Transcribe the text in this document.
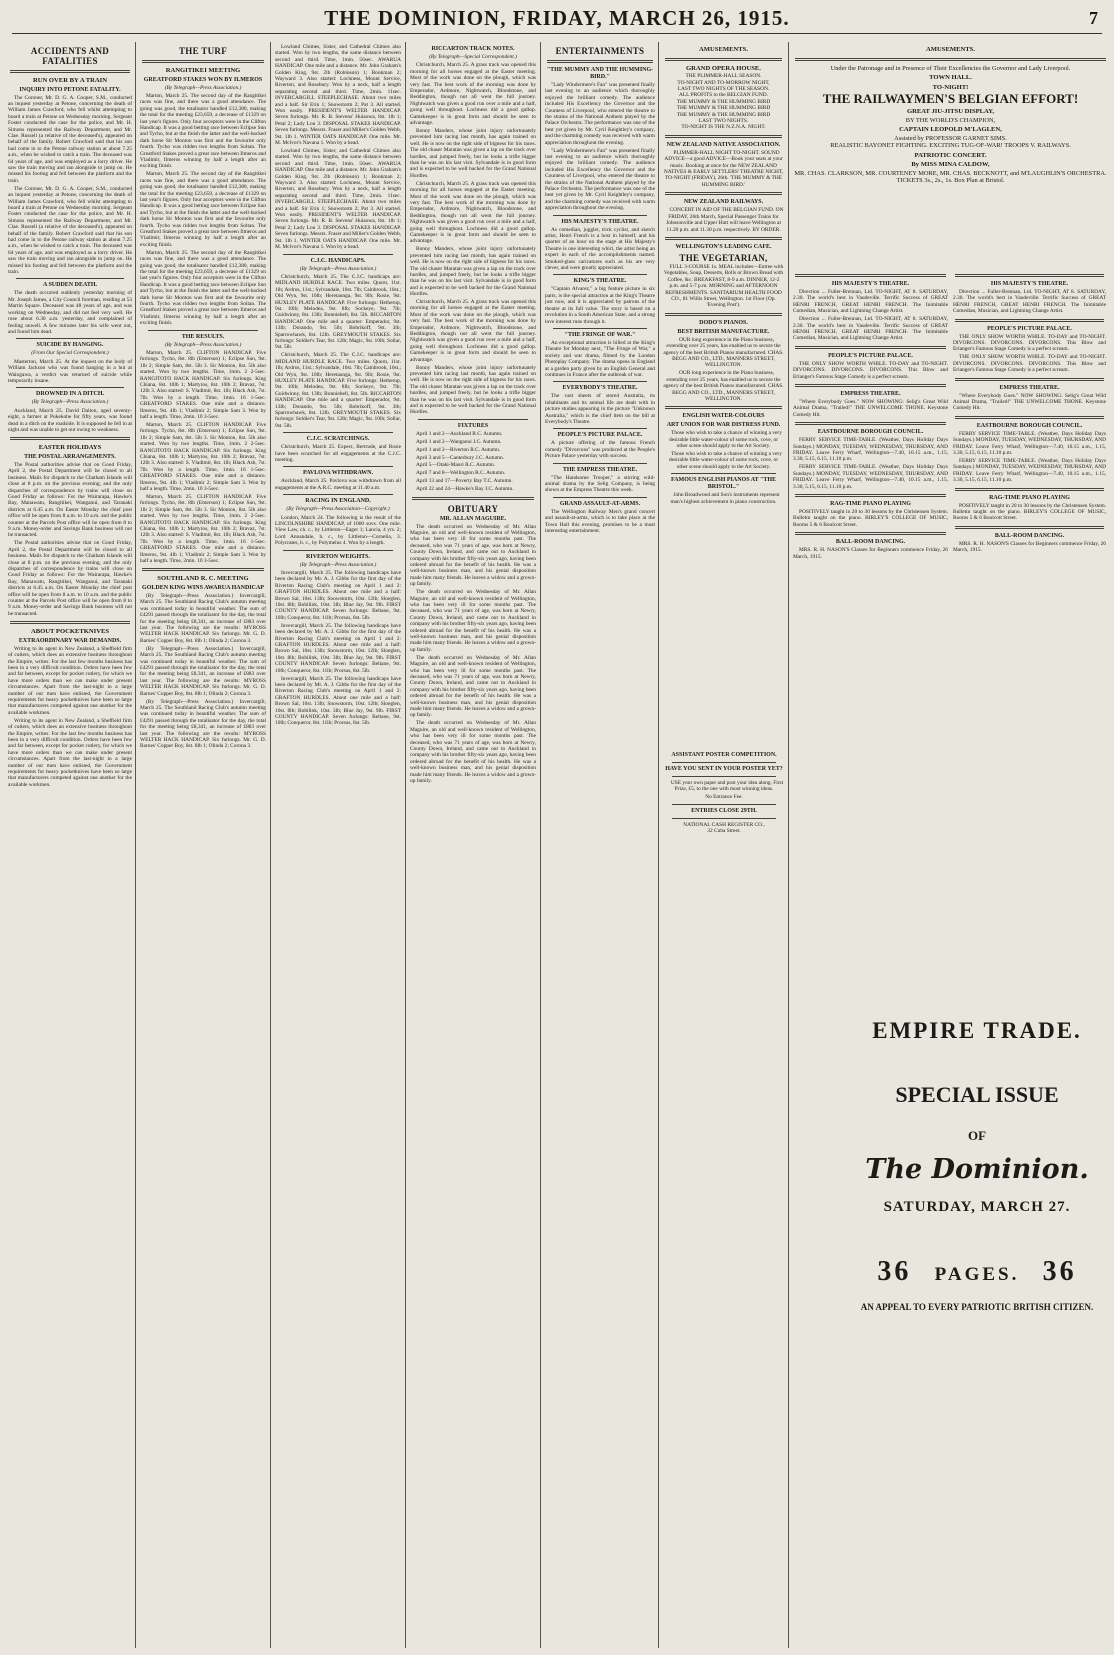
THE DOMINION, FRIDAY, MARCH 26, 1915.	7
ACCIDENTS AND FATALITIES
RUN OVER BY A TRAIN
INQUIRY INTO PETONE FATALITY.

The Coroner, Mr. D. G. A. Cooper, S.M., conducted an inquest yesterday at Petone, concerning the death of William James Crawford, who fell whilst attempting to board a train at Petone on Wednesday morning. Sergeant Foster conducted the case for the police, and Mr. H. Simons represented the Railway Department, and Mr. Clae. Russell (a relative of the deceased's), appeared on behalf of the family. Robert Crawford said that his son had come in to the Petone railway station at about 7.25 a.m., when he wished to catch a train. The deceased was 64 years of age, and was employed as a lorry driver. He saw the train moving and ran alongside to jump on. He missed his footing and fell between the platform and the train.

The Coroner, Mr. D. G. A. Cooper, S.M., conducted an inquest yesterday at Petone, concerning the death of William James Crawford, who fell whilst attempting to board a train at Petone on Wednesday morning. Sergeant Foster conducted the case for the police, and Mr. H. Simons represented the Railway Department, and Mr. Clae. Russell (a relative of the deceased's), appeared on behalf of the family. Robert Crawford said that his son had come in to the Petone railway station at about 7.25 a.m., when he wished to catch a train. The deceased was 64 years of age, and was employed as a lorry driver. He saw the train moving and ran alongside to jump on. He missed his footing and fell between the platform and the train.

A SUDDEN DEATH.

The death occurred suddenly yesterday morning of Mr. Joseph James, a City Council foreman, residing at 53 Martin Square. Deceased was 48 years of age, and was working on Wednesday, and did not feel very well. He rose about 6.30 a.m. yesterday, and complained of feeling unwell. A few minutes later his wife went out, and found him dead.

SUICIDE BY HANGING.
(From Our Special Correspondent.)

Masterton, March 25. At the inquest on the body of William Jackson who was found hanging in a hut at Waingawa, a verdict was returned of suicide while temporarily insane.

DROWNED IN A DITCH.
(By Telegraph—Press Association.)

Auckland, March 25. David Dalton, aged seventy-eight, a farmer at Pukekohe for fifty years, was found dead in a ditch on the roadside. It is supposed he fell in at night and was unable to get out owing to weakness.

EASTER HOLIDAYS
THE POSTAL ARRANGEMENTS.

The Postal authorities advise that on Good Friday, April 2, the Postal Department will be closed to all business. Mails for dispatch to the Chatham Islands will close at 8 p.m. on the previous evening, and the only dispatches of correspondence by trains will close on Good Friday as follows: For the Wairarapa, Hawke's Bay, Manawatu, Rangitikei, Wanganui, and Taranaki districts at 6.45 a.m. On Easter Monday the chief post office will be open from 8 a.m. to 10 a.m. and the public counter at the Parcels Post office will be open from 8 to 9 a.m. Money-order and Savings Bank business will not be transacted.

The Postal authorities advise that on Good Friday, April 2, the Postal Department will be closed to all business. Mails for dispatch to the Chatham Islands will close at 8 p.m. on the previous evening, and the only dispatches of correspondence by trains will close on Good Friday as follows: For the Wairarapa, Hawke's Bay, Manawatu, Rangitikei, Wanganui, and Taranaki districts at 6.45 a.m. On Easter Monday the chief post office will be open from 8 a.m. to 10 a.m. and the public counter at the Parcels Post office will be open from 8 to 9 a.m. Money-order and Savings Bank business will not be transacted.

ABOUT POCKETKNIVES
EXTRAORDINARY WAR DEMANDS.

Writing to its agent in New Zealand, a Sheffield firm of cutlers, which does an extensive business throughout the Empire, writes: For the last few months business has been in a very difficult condition. Orders have been few and far between, except for pocket cutlery, for which we have more orders than we can make under present circumstances. Apart from the last-night in a large number of our men have enlisted, the Government requirements for heavy pocketknives have been so large that manufacturers competed against one another for the available workmen.

Writing to its agent in New Zealand, a Sheffield firm of cutlers, which does an extensive business throughout the Empire, writes: For the last few months business has been in a very difficult condition. Orders have been few and far between, except for pocket cutlery, for which we have more orders than we can make under present circumstances. Apart from the last-night in a large number of our men have enlisted, the Government requirements for heavy pocketknives have been so large that manufacturers competed against one another for the available workmen.

THE TURF
RANGITIKEI MEETING
GREATFORD STAKES WON BY ILMEROS
(By Telegraph—Press Association.)

Marton, March 25. The second day of the Rangitikei races was fine, and there was a good attendance. The going was good, the totalisator handled £12,380, making the total for the meeting £23,659, a decrease of £1329 on last year's figures. Only four acceptors were in the Clifton Handicap. It was a good betting race between Eclipse Sun and Tycho, but at the finish the latter and the well-backed dark horse Sir Monton was first and the favourite only fourth. Tycho was ridden two lengths from Soltan. The Greatford Stakes proved a great race between Ilmeros and Vladimir, Ilmeros winning by half a length after an exciting finish.

Marton, March 25. The second day of the Rangitikei races was fine, and there was a good attendance. The going was good, the totalisator handled £12,380, making the total for the meeting £23,659, a decrease of £1329 on last year's figures. Only four acceptors were in the Clifton Handicap. It was a good betting race between Eclipse Sun and Tycho, but at the finish the latter and the well-backed dark horse Sir Monton was first and the favourite only fourth. Tycho was ridden two lengths from Soltan. The Greatford Stakes proved a great race between Ilmeros and Vladimir, Ilmeros winning by half a length after an exciting finish.

Marton, March 25. The second day of the Rangitikei races was fine, and there was a good attendance. The going was good, the totalisator handled £12,380, making the total for the meeting £23,659, a decrease of £1329 on last year's figures. Only four acceptors were in the Clifton Handicap. It was a good betting race between Eclipse Sun and Tycho, but at the finish the latter and the well-backed dark horse Sir Monton was first and the favourite only fourth. Tycho was ridden two lengths from Soltan. The Greatford Stakes proved a great race between Ilmeros and Vladimir, Ilmeros winning by half a length after an exciting finish.

THE RESULTS.
(By Telegraph—Press Association.)

Marton, March 25. CLIFTON HANDICAP. Five furlongs. Tycho, 8st. 8lb (Emerson) 1; Eclipse Sun, 9st. 1lb 2; Simple Sam, 8st. 5lb 3. Sir Monton, 8st. 5lb also started. Won by two lengths. Time, 1min. 2 2-5sec. RANGITOTO HACK HANDICAP. Six furlongs. King Chiana, 8st. 10lb 1; Martyros, 8st. 10lb 2; Bravaz, 7st. 12lb 3. Also started: S. Vladimir, 8st. 1lb; Black Ash, 7st. 7lb. Won by a length. Time, 1min. 16 1-5sec. GREATFORD STAKES. One mile and a distance. Ilmeros, 9st. 4lb 1; Vladimir 2; Simple Sam 3. Won by half a length. Time, 2min. 10 3-5sec.

Marton, March 25. CLIFTON HANDICAP. Five furlongs. Tycho, 8st. 8lb (Emerson) 1; Eclipse Sun, 9st. 1lb 2; Simple Sam, 8st. 5lb 3. Sir Monton, 8st. 5lb also started. Won by two lengths. Time, 1min. 2 2-5sec. RANGITOTO HACK HANDICAP. Six furlongs. King Chiana, 8st. 10lb 1; Martyros, 8st. 10lb 2; Bravaz, 7st. 12lb 3. Also started: S. Vladimir, 8st. 1lb; Black Ash, 7st. 7lb. Won by a length. Time, 1min. 16 1-5sec. GREATFORD STAKES. One mile and a distance. Ilmeros, 9st. 4lb 1; Vladimir 2; Simple Sam 3. Won by half a length. Time, 2min. 10 3-5sec.

Marton, March 25. CLIFTON HANDICAP. Five furlongs. Tycho, 8st. 8lb (Emerson) 1; Eclipse Sun, 9st. 1lb 2; Simple Sam, 8st. 5lb 3. Sir Monton, 8st. 5lb also started. Won by two lengths. Time, 1min. 2 2-5sec. RANGITOTO HACK HANDICAP. Six furlongs. King Chiana, 8st. 10lb 1; Martyros, 8st. 10lb 2; Bravaz, 7st. 12lb 3. Also started: S. Vladimir, 8st. 1lb; Black Ash, 7st. 7lb. Won by a length. Time, 1min. 16 1-5sec. GREATFORD STAKES. One mile and a distance. Ilmeros, 9st. 4lb 1; Vladimir 2; Simple Sam 3. Won by half a length. Time, 2min. 10 3-5sec.

SOUTHLAND R. C. MEETING
GOLDEN KING WINS AWARUA HANDICAP

(By Telegraph—Press Association.) Invercargill, March 25. The Southland Racing Club's autumn meeting was continued today in beautiful weather. The sum of £4291 passed through the totalisator for the day, the total for the meeting being £8,341, an increase of £883 over last year. The following are the results: MYROSS WELTER HACK HANDICAP. Six furlongs. Mr. G. D. Barnes' Copper Boy, 8st. 8lb 1; Olinda 2; Corona 3.

(By Telegraph—Press Association.) Invercargill, March 25. The Southland Racing Club's autumn meeting was continued today in beautiful weather. The sum of £4291 passed through the totalisator for the day, the total for the meeting being £8,341, an increase of £883 over last year. The following are the results: MYROSS WELTER HACK HANDICAP. Six furlongs. Mr. G. D. Barnes' Copper Boy, 8st. 8lb 1; Olinda 2; Corona 3.

(By Telegraph—Press Association.) Invercargill, March 25. The Southland Racing Club's autumn meeting was continued today in beautiful weather. The sum of £4291 passed through the totalisator for the day, the total for the meeting being £8,341, an increase of £883 over last year. The following are the results: MYROSS WELTER HACK HANDICAP. Six furlongs. Mr. G. D. Barnes' Copper Boy, 8st. 8lb 1; Olinda 2; Corona 3.

Lowland Chimes, Sister, and Cathedral Chimes also started. Won by two lengths, the same distance between second and third. Time, 1min. 56sec. AWARUA HANDICAP. One mile and a distance. Mr. John Graham's Golden King, 9st. 2lb (Robinson) 1; Bookman 2; Wayward 3. Also started: Lochness, Mount Service, Riverton, and Rosebury. Won by a neck, half a length separating second and third. Time, 2min. 11sec. INVERCARGILL STEEPLECHASE. About two miles and a half. Sir Erin 1; Snowstorm 2; Pat 3. All started. Won easily. PRESIDENT'S WELTER HANDICAP. Seven furlongs. Mr. R. B. Stevens' Huiaowa, 8st. 1lb 1; Petal 2; Lady Lou 3. DISPOSAL STAKES HANDICAP. Seven furlongs. Messrs. Fraser and Miller's Golden Webb, 9st. 1lb 1. WINTER OATS HANDICAP. One mile. Mr. M. Mclvor's Navana 1. Won by a head.

Lowland Chimes, Sister, and Cathedral Chimes also started. Won by two lengths, the same distance between second and third. Time, 1min. 56sec. AWARUA HANDICAP. One mile and a distance. Mr. John Graham's Golden King, 9st. 2lb (Robinson) 1; Bookman 2; Wayward 3. Also started: Lochness, Mount Service, Riverton, and Rosebury. Won by a neck, half a length separating second and third. Time, 2min. 11sec. INVERCARGILL STEEPLECHASE. About two miles and a half. Sir Erin 1; Snowstorm 2; Pat 3. All started. Won easily. PRESIDENT'S WELTER HANDICAP. Seven furlongs. Mr. R. B. Stevens' Huiaowa, 8st. 1lb 1; Petal 2; Lady Lou 3. DISPOSAL STAKES HANDICAP. Seven furlongs. Messrs. Fraser and Miller's Golden Webb, 9st. 1lb 1. WINTER OATS HANDICAP. One mile. Mr. M. Mclvor's Navana 1. Won by a head.

C.J.C. HANDICAPS.
(By Telegraph—Press Association.)

Christchurch, March 25. The C.J.C. handicaps are: MIDLAND HURDLE RACE. Two miles. Quorn, 11st. 1lb; Ardros, 11st.; Sylvandale, 10st. 7lb; Cainbrook, 10st.; Old Wyn, 9st. 10lb; Heretaunga, 9st. 9lb; Rosie, 9st. HUXLEY PLATE HANDICAP. Five furlongs: Hetherup, 9st. 10lb; Melodea, 9st. 8lb; Sockeye, 9st. 7lb; Guidwinny, 8st. 13lb; Bonniebell, 8st. 5lb. RICCARTON HANDICAP. One mile and a quarter: Emperador, 9st. 13lb; Dorando, 9st. 5lb; Bobrikoff, 9st. 3lb; Sparrowhawk, 8st. 12lb. GREYMOUTH STAKES. Six furlongs: Soldier's Tear, 9st. 12lb; Magic, 9st. 10lb; Sollar, 9st. 5lb.

Christchurch, March 25. The C.J.C. handicaps are: MIDLAND HURDLE RACE. Two miles. Quorn, 11st. 1lb; Ardros, 11st.; Sylvandale, 10st. 7lb; Cainbrook, 10st.; Old Wyn, 9st. 10lb; Heretaunga, 9st. 9lb; Rosie, 9st. HUXLEY PLATE HANDICAP. Five furlongs: Hetherup, 9st. 10lb; Melodea, 9st. 8lb; Sockeye, 9st. 7lb; Guidwinny, 8st. 13lb; Bonniebell, 8st. 5lb. RICCARTON HANDICAP. One mile and a quarter: Emperador, 9st. 13lb; Dorando, 9st. 5lb; Bobrikoff, 9st. 3lb; Sparrowhawk, 8st. 12lb. GREYMOUTH STAKES. Six furlongs: Soldier's Tear, 9st. 12lb; Magic, 9st. 10lb; Sollar, 9st. 5lb.

C.J.C. SCRATCHINGS.

Christchurch, March 25. Expect, Bertrude, and Rosie have been scratched for all engagements at the C.J.C. meeting.

PAVLOVA WITHDRAWN.

Auckland, March 25. Pavlova was withdrawn from all engagements at the A.R.C. meeting at 11.40 a.m.

RACING IN ENGLAND.
(By Telegraph—Press Association—Copyright.)

London, March 24. The following is the result of the LINCOLNSHIRE HANDICAP, of 1000 sovs. One mile. View Law, ch. c., by Littleton—Eager 1; Lancia, 4 yrs. 2; Lord Annandale, b. c., by Littleton—Cornelia, 3. Polycrates, b. c., by Polymelus 4. Won by a length.

RIVERTON WEIGHTS.
(By Telegraph—Press Association.)

Invercargill, March 25. The following handicaps have been declared by Mr. A. J. Gibbs for the first day of the Riverton Racing Club's meeting on April 1 and 2: GRAFTON HURDLES. About one mile and a half: Brown Sal, 10st. 13lb; Snowstorm, 10st. 12lb; Sloeglen, 10st. 8lb; Bobilink, 10st. 3lb; Blue Jay, 9st. 9lb. FIRST COUNTY HANDICAP. Seven furlongs: Beltane, 9st. 10lb; Conqueror, 8st. 11lb; Prorsus, 8st. 5lb.

Invercargill, March 25. The following handicaps have been declared by Mr. A. J. Gibbs for the first day of the Riverton Racing Club's meeting on April 1 and 2: GRAFTON HURDLES. About one mile and a half: Brown Sal, 10st. 13lb; Snowstorm, 10st. 12lb; Sloeglen, 10st. 8lb; Bobilink, 10st. 3lb; Blue Jay, 9st. 9lb. FIRST COUNTY HANDICAP. Seven furlongs: Beltane, 9st. 10lb; Conqueror, 8st. 11lb; Prorsus, 8st. 5lb.

Invercargill, March 25. The following handicaps have been declared by Mr. A. J. Gibbs for the first day of the Riverton Racing Club's meeting on April 1 and 2: GRAFTON HURDLES. About one mile and a half: Brown Sal, 10st. 13lb; Snowstorm, 10st. 12lb; Sloeglen, 10st. 8lb; Bobilink, 10st. 3lb; Blue Jay, 9st. 9lb. FIRST COUNTY HANDICAP. Seven furlongs: Beltane, 9st. 10lb; Conqueror, 8st. 11lb; Prorsus, 8st. 5lb.

RICCARTON TRACK NOTES.
(By Telegraph—Special Correspondent.)

Christchurch, March 25. A grass track was opened this morning for all horses engaged at the Easter meeting. Most of the work was done on the plough, which was very fast. The best work of the morning was done by Emperador, Ardmore, Nightwatch, Bloodstone, and Beddington, though not all went the full journey. Nightwatch was given a good run over a mile and a half, going well throughout. Lochness did a good gallop. Gamekeeper is in great form and should be seen to advantage.

Bonny Manders, whose joint injury unfortunately prevented him racing last month, has again trained on well. He is now on the right side of bigness for his races. The old chaser Maratan was given a lap on the track over hurdles, and jumped freely, but he looks a trifle bigger than he was on his last visit. Sylvandale is in good form and is expected to be well backed for the Grand National Hurdles.

Christchurch, March 25. A grass track was opened this morning for all horses engaged at the Easter meeting. Most of the work was done on the plough, which was very fast. The best work of the morning was done by Emperador, Ardmore, Nightwatch, Bloodstone, and Beddington, though not all went the full journey. Nightwatch was given a good run over a mile and a half, going well throughout. Lochness did a good gallop. Gamekeeper is in great form and should be seen to advantage.

Bonny Manders, whose joint injury unfortunately prevented him racing last month, has again trained on well. He is now on the right side of bigness for his races. The old chaser Maratan was given a lap on the track over hurdles, and jumped freely, but he looks a trifle bigger than he was on his last visit. Sylvandale is in good form and is expected to be well backed for the Grand National Hurdles.

Christchurch, March 25. A grass track was opened this morning for all horses engaged at the Easter meeting. Most of the work was done on the plough, which was very fast. The best work of the morning was done by Emperador, Ardmore, Nightwatch, Bloodstone, and Beddington, though not all went the full journey. Nightwatch was given a good run over a mile and a half, going well throughout. Lochness did a good gallop. Gamekeeper is in great form and should be seen to advantage.

Bonny Manders, whose joint injury unfortunately prevented him racing last month, has again trained on well. He is now on the right side of bigness for his races. The old chaser Maratan was given a lap on the track over hurdles, and jumped freely, but he looks a trifle bigger than he was on his last visit. Sylvandale is in good form and is expected to be well backed for the Grand National Hurdles.

FIXTURES

April 1 and 2—Auckland R.C. Autumn.

April 1 and 2—Wanganui J.C. Autumn.

April 1 and 2—Riverton R.C. Autumn.

April 3 and 5—Canterbury J.C. Autumn.

April 5—Otaki-Maori R.C. Autumn.

April 7 and 8—Wellington R.C. Autumn.

April 13 and 17—Poverty Bay T.C. Autumn.

April 22 and 24—Hawke's Bay J.C. Autumn.

OBITUARY
MR. ALLAN MAGUIRE.

The death occurred on Wednesday of Mr. Allan Maguire, an old and well-known resident of Wellington, who has been very ill for some months past. The deceased, who was 71 years of age, was born at Newry, County Down, Ireland, and came out to Auckland in company with his brother fifty-six years ago, having been ordered abroad for the benefit of his health. He was a well-known business man, and his genial disposition made him many friends. He leaves a widow and a grown-up family.

The death occurred on Wednesday of Mr. Allan Maguire, an old and well-known resident of Wellington, who has been very ill for some months past. The deceased, who was 71 years of age, was born at Newry, County Down, Ireland, and came out to Auckland in company with his brother fifty-six years ago, having been ordered abroad for the benefit of his health. He was a well-known business man, and his genial disposition made him many friends. He leaves a widow and a grown-up family.

The death occurred on Wednesday of Mr. Allan Maguire, an old and well-known resident of Wellington, who has been very ill for some months past. The deceased, who was 71 years of age, was born at Newry, County Down, Ireland, and came out to Auckland in company with his brother fifty-six years ago, having been ordered abroad for the benefit of his health. He was a well-known business man, and his genial disposition made him many friends. He leaves a widow and a grown-up family.

The death occurred on Wednesday of Mr. Allan Maguire, an old and well-known resident of Wellington, who has been very ill for some months past. The deceased, who was 71 years of age, was born at Newry, County Down, Ireland, and came out to Auckland in company with his brother fifty-six years ago, having been ordered abroad for the benefit of his health. He was a well-known business man, and his genial disposition made him many friends. He leaves a widow and a grown-up family.

ENTERTAINMENTS
"THE MUMMY AND THE HUMMING-BIRD."

"Lady Windermere's Fan" was presented finally last evening to an audience which thoroughly enjoyed the brilliant comedy. The audience included His Excellency the Governor and the Countess of Liverpool, who entered the theatre to the strains of the National Anthem played by the Palace Orchestra. The performance was one of the best yet given by Mr. Cyril Keightley's company, and the charming comedy was received with warm appreciation throughout the evening.

"Lady Windermere's Fan" was presented finally last evening to an audience which thoroughly enjoyed the brilliant comedy. The audience included His Excellency the Governor and the Countess of Liverpool, who entered the theatre to the strains of the National Anthem played by the Palace Orchestra. The performance was one of the best yet given by Mr. Cyril Keightley's company, and the charming comedy was received with warm appreciation throughout the evening.

HIS MAJESTY'S THEATRE.

As comedian, juggler, trick cyclist, and sketch artist, Henri French is a host in himself, and his quarter of an hour on the stage at His Majesty's Theatre is one interesting whirl, the artist being an expert in each of the accomplishments named. Smoked-glass caricatures such as his are very clever, and were greatly appreciated.

KING'S THEATRE.

"Captain Alvarez," a big feature picture in six parts, is the special attraction at the King's Theatre just now, and it is appreciated by patrons of the theatre at its full value. The story is based on a revolution in a South American State, and a strong love interest runs through it.

"THE FRINGE OF WAR."

An exceptional attraction is billed at the King's Theatre for Monday next, "The Fringe of War," a society and war drama, filmed by the London Photoplay Company. The drama opens in England at a garden party given by an English General and continues in France after the outbreak of war.

EVERYBODY'S THEATRE.

The vast sheets of stored Australia, its inhabitants and its animal life are dealt with in picture studies appearing in the picture "Unknown Australia," which is the chief item on the bill at Everybody's Theatre.

PEOPLE'S PICTURE PALACE.

A picture offering of the famous French comedy "Divorcons" was produced at the People's Picture Palace yesterday with success.

THE EMPRESS THEATRE.

"The Handsome Trooper," a stirring wild-animal drama by the Selig Company, is being shown at the Empress Theatre this week.

GRAND ASSAULT-AT-ARMS.

The Wellington Railway Men's grand concert and assault-at-arms, which is to take place at the Town Hall this evening, promises to be a most interesting entertainment.

AMUSEMENTS.
GRAND OPERA HOUSE.
THE PLIMMER-HALL SEASON.
TO-NIGHT AND TO-MORROW NIGHT,
LAST TWO NIGHTS OF THE SEASON.
ALL PROFITS to the BELGIAN FUND.
THE MUMMY & THE HUMMING BIRD
THE MUMMY & THE HUMMING BIRD
THE MUMMY & THE HUMMING BIRD
LAST TWO NIGHTS.
TO-NIGHT IS THE N.Z.N.A. NIGHT.
NEW ZEALAND NATIVE ASSOCIATION.

PLIMMER-HALL NIGHT TO-NIGHT. SOUND ADVICE—a good ADVICE—Book your seats at your music. Booking at once for the NEW ZEALAND NATIVES & EARLY SETTLERS' THEATRE NIGHT, TO-NIGHT (FRIDAY), 26th. 'THE MUMMY & THE HUMMING BIRD.'

NEW ZEALAND RAILWAYS.

CONCERT IN AID OF THE BELGIAN FUND. ON FRIDAY, 26th March, Special Passenger Trains for Johnsonville and Upper Hutt will leave Wellington at 11.20 p.m. and 11.30 p.m. respectively. BY ORDER.

WELLINGTON'S LEADING CAFE.
THE VEGETARIAN,

FULL 3-COURSE 1s. MEAL includes—Entree with Vegetables, Soup, Desserts, Rolls or Brown Bread with Coffee, &c. BREAKFAST, 8-9 a.m. DINNER, 12-2 p.m. and 5-7 p.m. MORNING and AFTERNOON REFRESHMENTS. SANITARIUM HEALTH FOOD CO., 81 Willis Street, Wellington. 1st Floor (Op. 'Evening Post').

DODO'S PIANOS.
BEST BRITISH MANUFACTURE.

OUR long experience in the Piano business, extending over 25 years, has enabled us to secure the agency of the best British Pianos manufactured. CHAS. BEGG AND CO., LTD., MANNERS STREET, WELLINGTON.

OUR long experience in the Piano business, extending over 25 years, has enabled us to secure the agency of the best British Pianos manufactured. CHAS. BEGG AND CO., LTD., MANNERS STREET, WELLINGTON.

ENGLISH WATER-COLOURS
ART UNION FOR WAR DISTRESS FUND.

Those who wish to take a chance of winning a very desirable little water-colour of some rock, cove, or other scene should apply to the Art Society.

Those who wish to take a chance of winning a very desirable little water-colour of some rock, cove, or other scene should apply to the Art Society.

FAMOUS ENGLISH PIANOS AT "THE BRISTOL."

John Broadwood and Son's instruments represent man's highest achievement in piano construction.

ASSISTANT POSTER COMPETITION.
HAVE YOU SENT IN YOUR POSTER YET?

USE your own paper and post your idea along. First Prize, £5, to the one with most winning ideas.

No Entrance Fee.
ENTRIES CLOSE 29TH.
NATIONAL CASH REGISTER CO.,
32 Cuba Street.
AMUSEMENTS.
Under the Patronage and in Presence of Their Excellencies the Governor and Lady Liverpool.
TOWN HALL.
TO-NIGHT!
THE RAILWAYMEN'S BELGIAN EFFORT!
GREAT JIU-JITSU DISPLAY,
BY THE WORLD'S CHAMPION,
CAPTAIN LEOPOLD M'LAGLEN,
Assisted by PROFESSOR GARNET SIMS.
REALISTIC BAYONET FIGHTING. EXCITING TUG-OF-WAR! TROOPS V. RAILWAYS.
PATRIOTIC CONCERT.
By MISS MINA CALDOW,
MR. CHAS. CLARKSON, MR. COURTENEY MORE, MR. CHAS. BECKNOTT, and M'LAUGHLIN'S ORCHESTRA.
TICKETS 3s., 2s., 1s. Box Plan at Bristol.
HIS MAJESTY'S THEATRE.

Direction ... Fuller-Brennan, Ltd. TO-NIGHT, AT 8. SATURDAY, 2.30. The world's best in Vaudeville. Terrific Success of GREAT HENRI FRENCH, GREAT HENRI FRENCH. The Inimitable Comedian, Musician, and Lightning Change Artist.

Direction ... Fuller-Brennan, Ltd. TO-NIGHT, AT 8. SATURDAY, 2.30. The world's best in Vaudeville. Terrific Success of GREAT HENRI FRENCH, GREAT HENRI FRENCH. The Inimitable Comedian, Musician, and Lightning Change Artist.

PEOPLE'S PICTURE PALACE.

THE ONLY SHOW WORTH WHILE. TO-DAY and TO-NIGHT. DIVORCONS. DIVORCONS. DIVORCONS. This Blow and Erlanger's Famous Stage Comedy is a perfect scream.

EMPRESS THEATRE.

"Where Everybody Goes." NOW SHOWING: Selig's Great Wild Animal Drama, "Trailed!" THE UNWELCOME THONE. Keystone Comedy Hit.

EASTBOURNE BOROUGH COUNCIL.

FERRY SERVICE TIME-TABLE. (Weather, Days Holiday Days Sundays.) MONDAY, TUESDAY, WEDNESDAY, THURSDAY, AND FRIDAY. Leave Ferry Wharf, Wellington—7.40, 10.15 a.m., 1.15, 3.30, 5.15, 6.15, 11.10 p.m.

FERRY SERVICE TIME-TABLE. (Weather, Days Holiday Days Sundays.) MONDAY, TUESDAY, WEDNESDAY, THURSDAY, AND FRIDAY. Leave Ferry Wharf, Wellington—7.40, 10.15 a.m., 1.15, 3.30, 5.15, 6.15, 11.10 p.m.

RAG-TIME PIANO PLAYING

POSITIVELY taught in 20 to 30 lessons by the Christensen System. Bulletin taught on the piano. BIRLEY'S COLLEGE OF MUSIC, Rooms 5 & 6 Boulcott Street.

BALL-ROOM DANCING.

MRS. R. H. NASON'S Classes for Beginners commence Friday, 26 March, 1915.

HIS MAJESTY'S THEATRE.

Direction ... Fuller-Brennan, Ltd. TO-NIGHT, AT 8. SATURDAY, 2.30. The world's best in Vaudeville. Terrific Success of GREAT HENRI FRENCH, GREAT HENRI FRENCH. The Inimitable Comedian, Musician, and Lightning Change Artist.

PEOPLE'S PICTURE PALACE.

THE ONLY SHOW WORTH WHILE. TO-DAY and TO-NIGHT. DIVORCONS. DIVORCONS. DIVORCONS. This Blow and Erlanger's Famous Stage Comedy is a perfect scream.

THE ONLY SHOW WORTH WHILE. TO-DAY and TO-NIGHT. DIVORCONS. DIVORCONS. DIVORCONS. This Blow and Erlanger's Famous Stage Comedy is a perfect scream.

EMPRESS THEATRE.

"Where Everybody Goes." NOW SHOWING: Selig's Great Wild Animal Drama, "Trailed!" THE UNWELCOME THONE. Keystone Comedy Hit.

EASTBOURNE BOROUGH COUNCIL.

FERRY SERVICE TIME-TABLE. (Weather, Days Holiday Days Sundays.) MONDAY, TUESDAY, WEDNESDAY, THURSDAY, AND FRIDAY. Leave Ferry Wharf, Wellington—7.40, 10.15 a.m., 1.15, 3.30, 5.15, 6.15, 11.10 p.m.

FERRY SERVICE TIME-TABLE. (Weather, Days Holiday Days Sundays.) MONDAY, TUESDAY, WEDNESDAY, THURSDAY, AND FRIDAY. Leave Ferry Wharf, Wellington—7.40, 10.15 a.m., 1.15, 3.30, 5.15, 6.15, 11.10 p.m.

RAG-TIME PIANO PLAYING

POSITIVELY taught in 20 to 30 lessons by the Christensen System. Bulletin taught on the piano. BIRLEY'S COLLEGE OF MUSIC, Rooms 5 & 6 Boulcott Street.

BALL-ROOM DANCING.

MRS. R. H. NASON'S Classes for Beginners commence Friday, 26 March, 1915.

EMPIRE TRADE.
SPECIAL ISSUE
OF
The Dominion.
SATURDAY, MARCH 27.
36 PAGES. 36
AN APPEAL TO EVERY PATRIOTIC BRITISH CITIZEN.
